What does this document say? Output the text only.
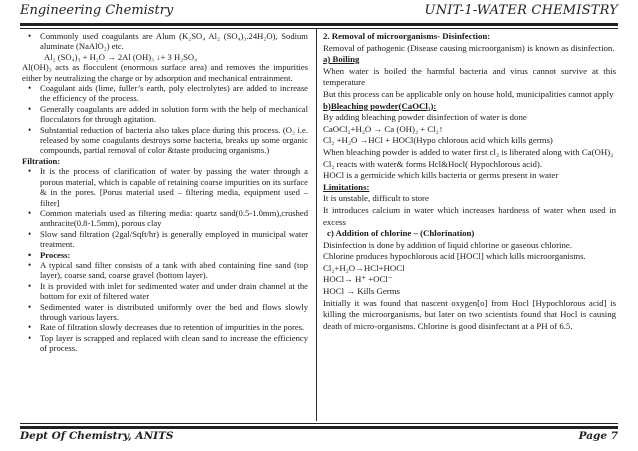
Engineering Chemistry	UNIT-1-WATER CHEMISTRY
• Commonly used coagulants are Alum (K₂SO₄ Al₂ (SO₄)₃.24H₂O), Sodium aluminate (NaAlO₂) etc.
Al₂ (SO₄)₃ + H₂O → 2Al (OH)₃ ↓+ 3 H₂SO₄
Al(OH)₃ acts as flocculent (enormous surface area) and removes the impurities either by neutralizing the charge or by adsorption and mechanical entrainment.
• Coagulant aids (lime, fuller’s earth, poly electrolytes) are added to increase the efficiency of the process.
• Generally coagulants are added in solution form with the help of mechanical flocculators for through agitation.
• Substantial reduction of bacteria also takes place during this process. (O₂ i.e. released by some coagulants destroys some bacteria, breaks up some organic compounds, partial removal of color &taste producing organisms.)
Filtration:
• It is the process of clarification of water by passing the water through a porous material, which is capable of retaining coarse impurities on its surface & in the pores. [Porus material used – filtering media, equipment used – filter]
• Common materials used as filtering media: quartz sand(0.5-1.0mm),crushed anthracite(0.8-1.5mm), porous clay
• Slow sand filtration (2gal/Sqft/hr) is generally employed in municipal water treatment.
• Process:
• A typical sand filter consists of a tank with abed containing fine sand (top layer), coarse sand, coarse gravel (bottom layer).
• It is provided with inlet for sedimented water and under drain channel at the bottom for exit of filtered water
• Sedimented water is distributed uniformly over the bed and flows slowly through various layers.
• Rate of filtration slowly decreases due to retention of impurities in the pores.
• Top layer is scrapped and replaced with clean sand to increase the efficiency of process.

2. Removal of microorganisms- Disinfection:

Removal of pathogenic (Disease causing microorganism) is known as disinfection.

a) Boiling

When water is boiled the harmful bacteria and virus cannot survive at this temperature

But this process can be applicable only on house hold, municipalities cannot apply

b)Bleaching powder(CaOCl₂):

By adding bleaching powder disinfection of water is done

CaOCl₂+H₂O → Ca (OH)₂ + Cl₂↑

Cl₂ +H₂O →HCl + HOCl(Hypo chlorous acid which kills germs)

When bleaching powder is added to water first cl₂ is liberated along with Ca(OH)₂

Cl₂ reacts with water& forms Hcl&Hocl( Hypochlorous acid).

HOCl is a germicide which kills bacteria or germs present in water

Limitations:

It is unstable, difficult to store

It introduces calcium in water which increases hardness of water when used in excess

c) Addition of chlorine – (Chlorination)

Disinfection is done by addition of liquid chlorine or gaseous chlorine.

Chlorine produces hypochlorous acid [HOCl] which kills microorganisms.

Cl₂+H₂O→HCl+HOCl

HOCl→ H⁺ +OCl⁻

HOCl → Kills Germs

Initially it was found that nascent oxygen[o] from Hocl [Hypochlorous acid] is killing the microorganisms, but later on two scientists found that Hocl is causing death of micro-organisms. Chlorine is good disinfectant at a PH of 6.5.

Dept Of Chemistry, ANITS	Page 7
